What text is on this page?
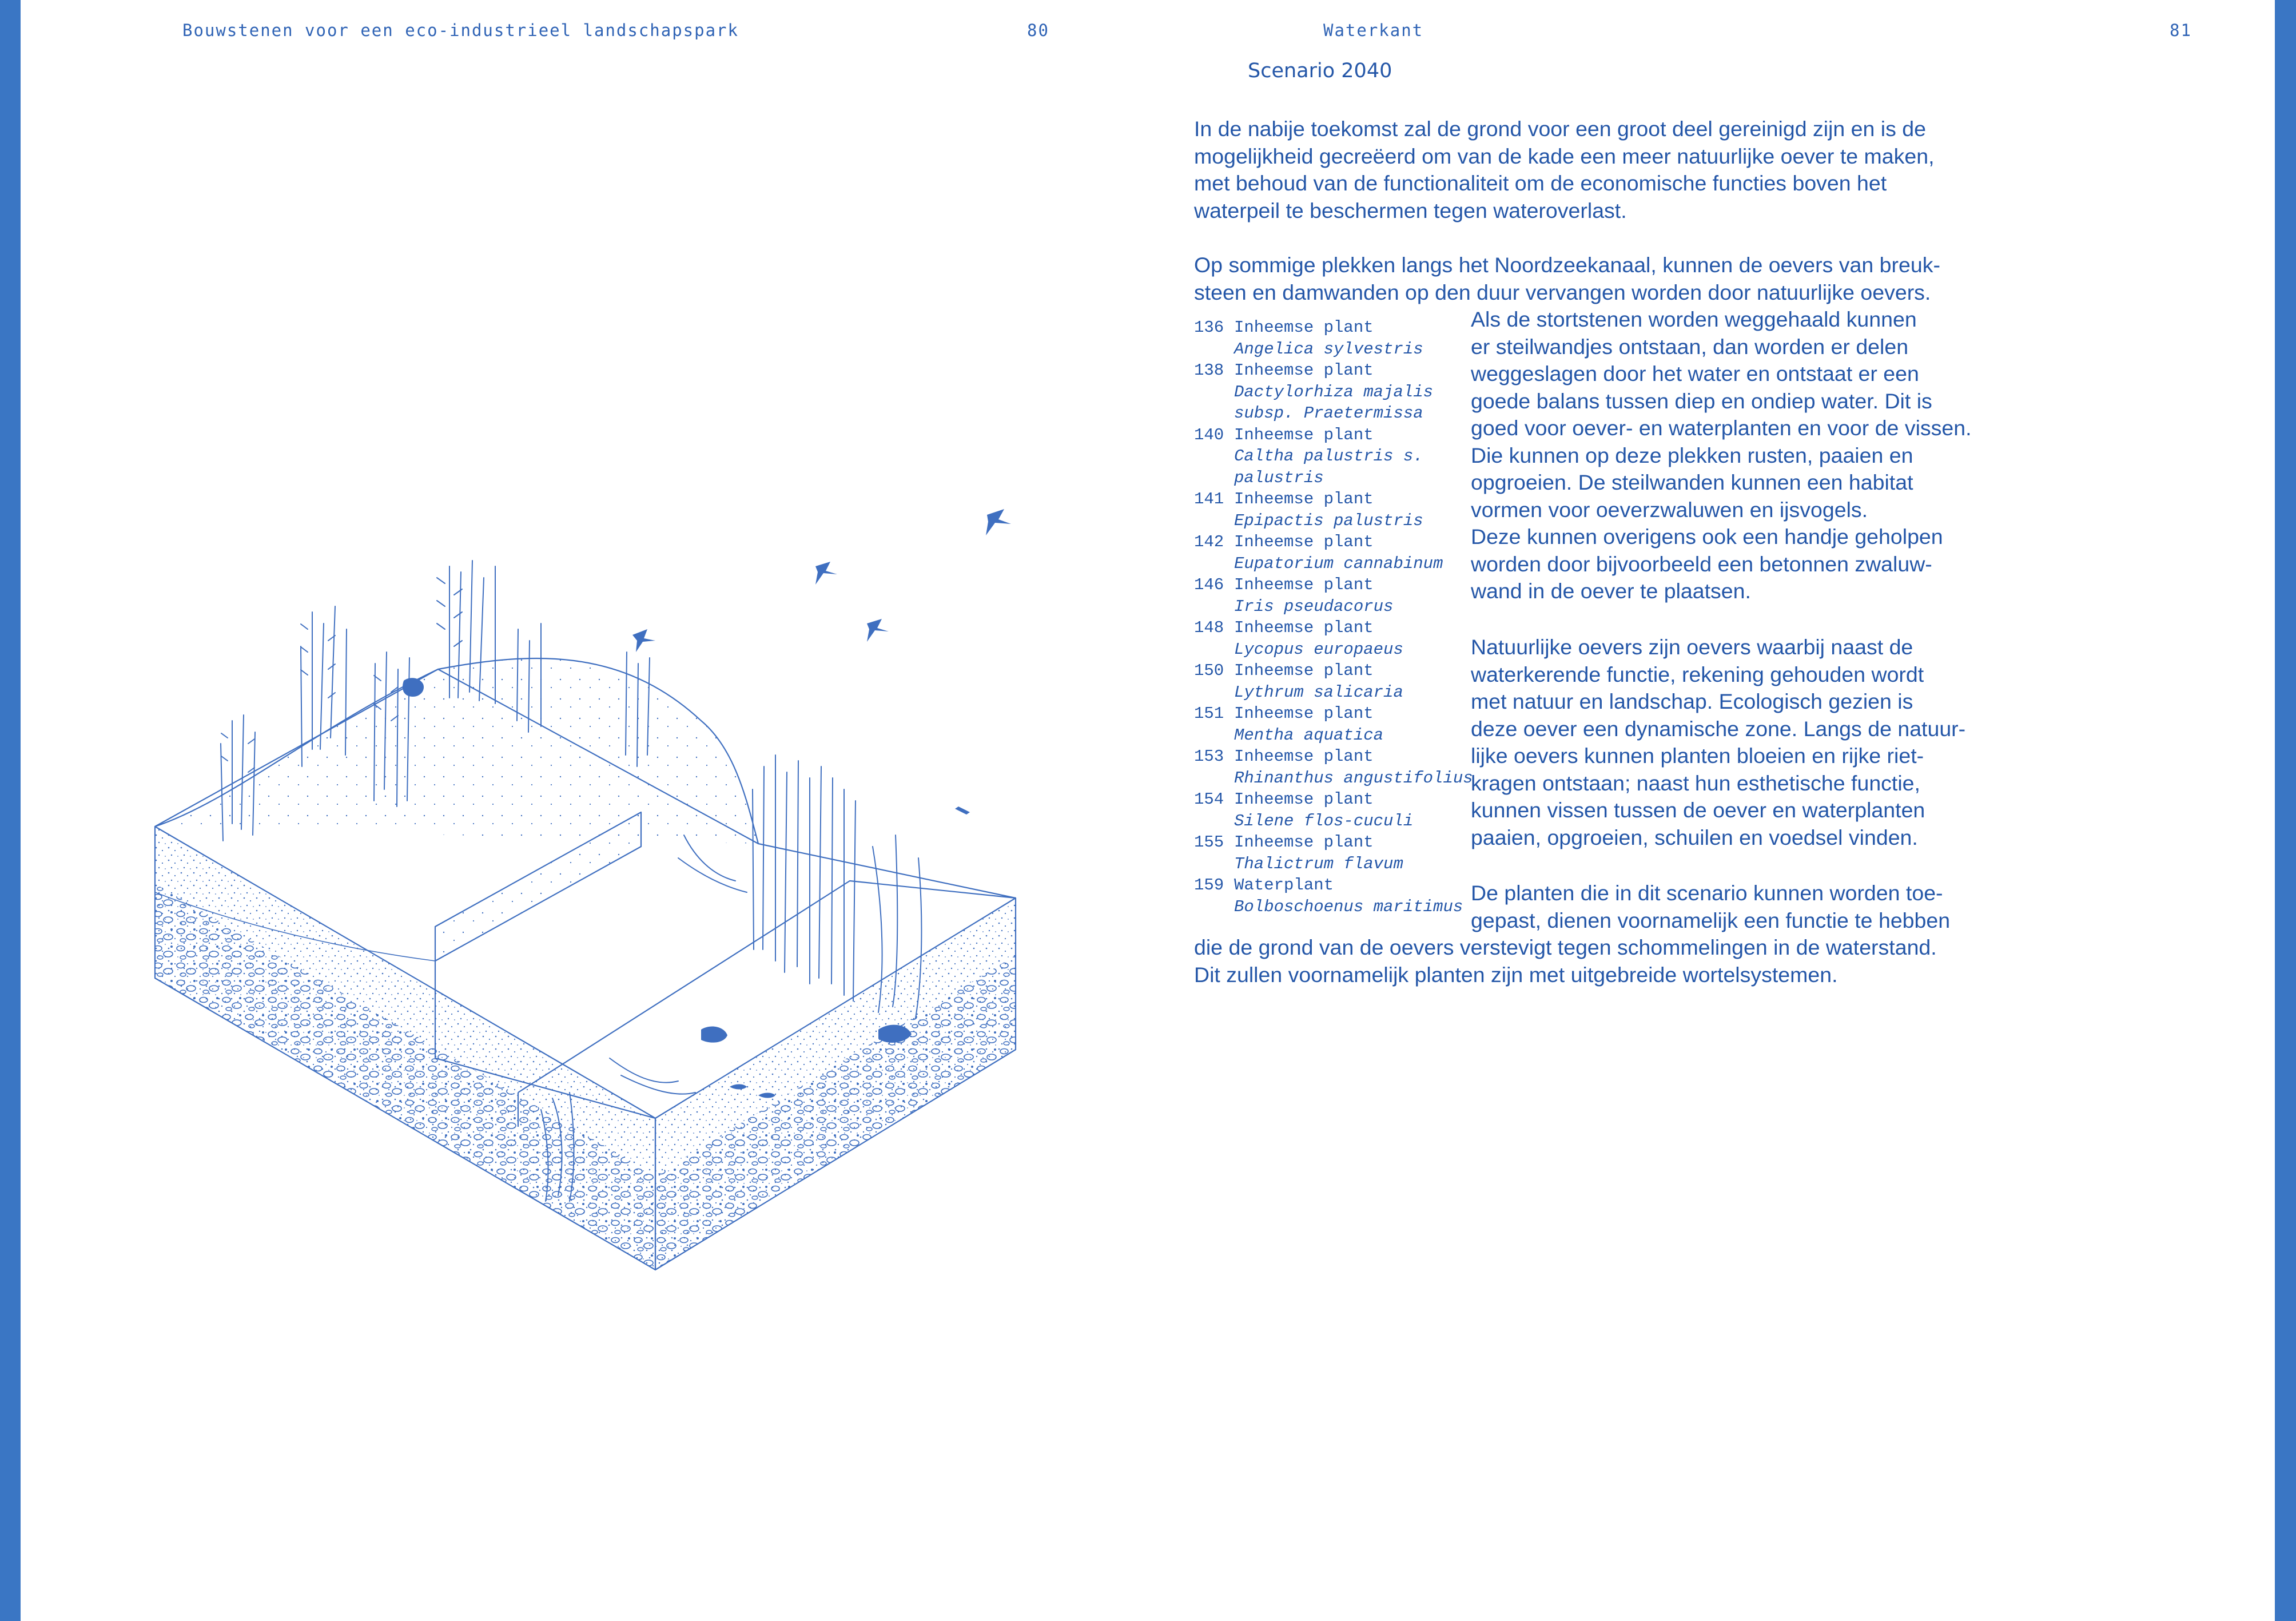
Bouwstenen voor een eco-industrieel landschapspark	80	Waterkant	81
Scenario 2040
In de nabije toekomst zal de grond voor een groot deel gereinigd zijn en is de
mogelijkheid gecreëerd om van de kade een meer natuurlijke oever te maken,
met behoud van de functionaliteit om de economische functies boven het
waterpeil te beschermen tegen wateroverlast.
Op sommige plekken langs het Noordzeekanaal, kunnen de oevers van breuk-
steen en damwanden op den duur vervangen worden door natuurlijke oevers.
136 Inheemse plant
Angelica sylvestris
138 Inheemse plant
Dactylorhiza majalis
subsp. Praetermissa
140 Inheemse plant
Caltha palustris s.
palustris
141 Inheemse plant
Epipactis palustris
142 Inheemse plant
Eupatorium cannabinum
146 Inheemse plant
Iris pseudacorus
148 Inheemse plant
Lycopus europaeus
150 Inheemse plant
Lythrum salicaria
151 Inheemse plant
Mentha aquatica
153 Inheemse plant
Rhinanthus angustifolius
154 Inheemse plant
Silene flos-cuculi
155 Inheemse plant
Thalictrum flavum
159 Waterplant
Bolboschoenus maritimus
Als de stortstenen worden weggehaald kunnen
er steilwandjes ontstaan, dan worden er delen
weggeslagen door het water en ontstaat er een
goede balans tussen diep en ondiep water. Dit is
goed voor oever- en waterplanten en voor de vissen.
Die kunnen op deze plekken rusten, paaien en
opgroeien. De steilwanden kunnen een habitat
vormen voor oeverzwaluwen en ijsvogels.
Deze kunnen overigens ook een handje geholpen
worden door bijvoorbeeld een betonnen zwaluw-
wand in de oever te plaatsen.
Natuurlijke oevers zijn oevers waarbij naast de
waterkerende functie, rekening gehouden wordt
met natuur en landschap. Ecologisch gezien is
deze oever een dynamische zone. Langs de natuur-
lijke oevers kunnen planten bloeien en rijke riet-
kragen ontstaan; naast hun esthetische functie,
kunnen vissen tussen de oever en waterplanten
paaien, opgroeien, schuilen en voedsel vinden.
De planten die in dit scenario kunnen worden toe-
gepast, dienen voornamelijk een functie te hebben
die de grond van de oevers verstevigt tegen schommelingen in de waterstand.
Dit zullen voornamelijk planten zijn met uitgebreide wortelsystemen.
